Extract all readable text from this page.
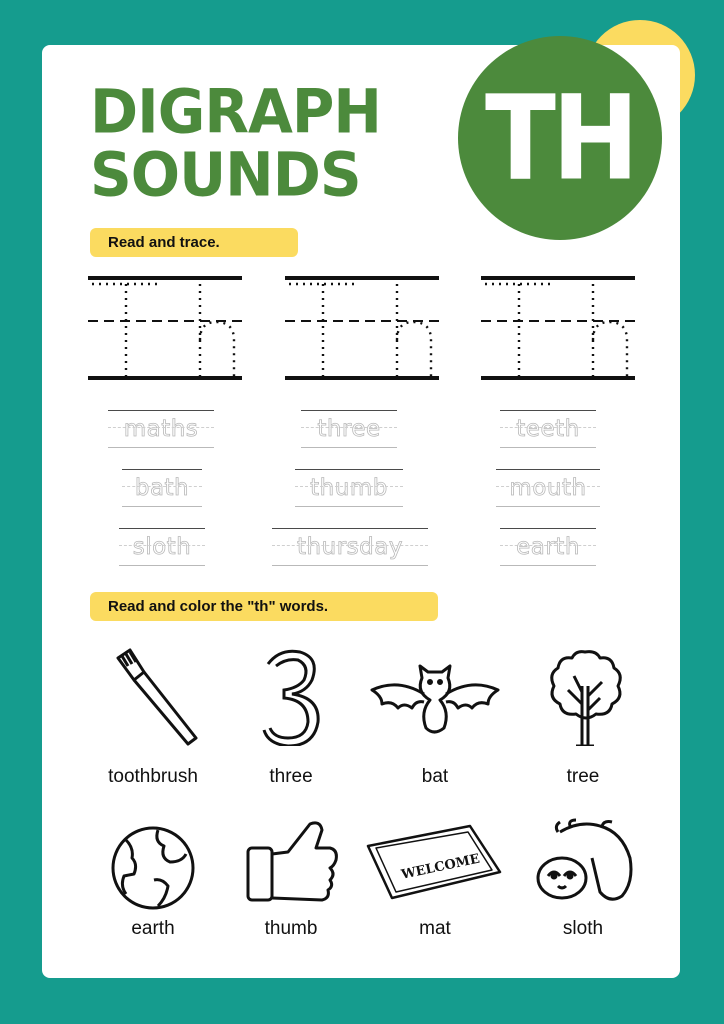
TH
DIGRAPH
SOUNDS
Read and trace.
maths	three	teeth
bath	thumb	mouth
sloth	thursday	earth
Read and color the "th" words.
toothbrush	three	bat	tree
earth	thumb
WELCOME
mat	sloth
